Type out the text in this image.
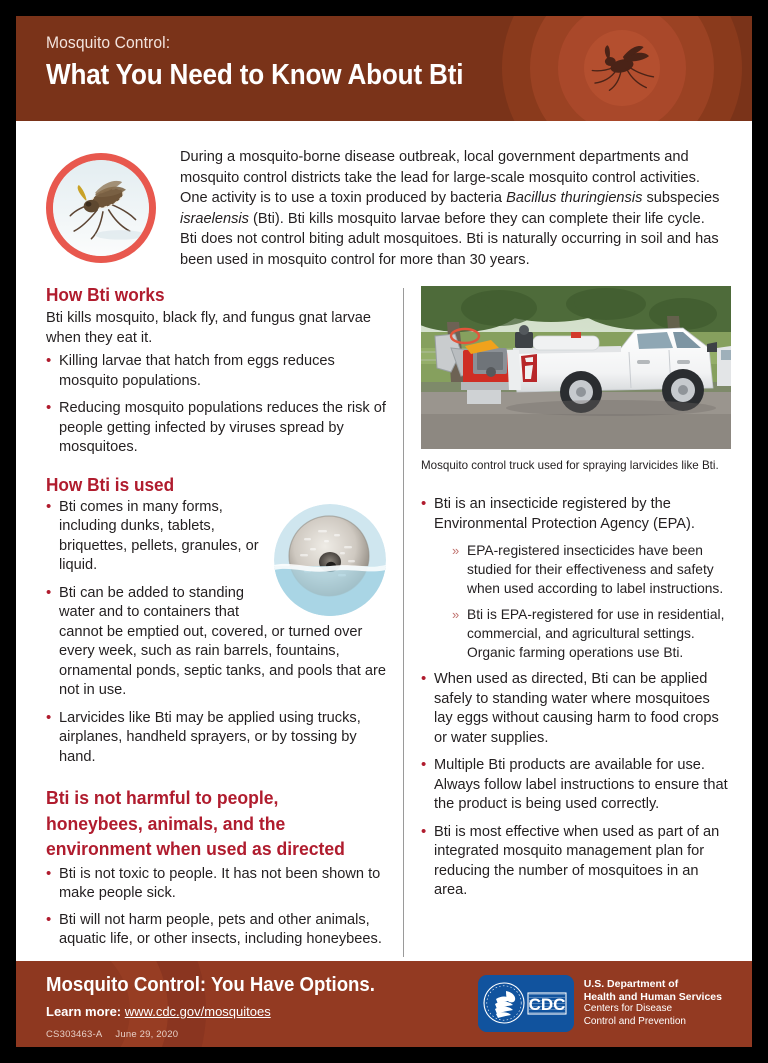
Mosquito Control:
What You Need to Know About Bti
During a mosquito-borne disease outbreak, local government departments and mosquito control districts take the lead for large-scale mosquito control activities. One activity is to use a toxin produced by bacteria Bacillus thuringiensis subspecies israelensis (Bti). Bti kills mosquito larvae before they can complete their life cycle. Bti does not control biting adult mosquitoes. Bti is naturally occurring in soil and has been used in mosquito control for more than 30 years.
How Bti works

Bti kills mosquito, black fly, and fungus gnat larvae when they eat it.

• Killing larvae that hatch from eggs reduces mosquito populations.
• Reducing mosquito populations reduces the risk of people getting infected by viruses spread by mosquitoes.
How Bti is used
• Bti comes in many forms, including dunks, tablets, briquettes, pellets, granules, or liquid.
• Bti can be added to standing water and to containers that cannot be emptied out, covered, or turned over every week, such as rain barrels, fountains, ornamental ponds, septic tanks, and pools that are not in use.
• Larvicides like Bti may be applied using trucks, airplanes, handheld sprayers, or by tossing by hand.
Bti is not harmful to people, honeybees, animals, and the environment when used as directed
• Bti is not toxic to people. It has not been shown to make people sick.
• Bti will not harm people, pets and other animals, aquatic life, or other insects, including honeybees.
Mosquito control truck used for spraying larvicides like Bti.
• Bti is an insecticide registered by the Environmental Protection Agency (EPA).
» EPA-registered insecticides have been studied for their effectiveness and safety when used according to label instructions.
» Bti is EPA-registered for use in residential, commercial, and agricultural settings. Organic farming operations use Bti.
• When used as directed, Bti can be applied safely to standing water where mosquitoes lay eggs without causing harm to food crops or water supplies.
• Multiple Bti products are available for use. Always follow label instructions to ensure that the product is being used correctly.
• Bti is most effective when used as part of an integrated mosquito management plan for reducing the number of mosquitoes in an area.
Mosquito Control: You Have Options.
Learn more: www.cdc.gov/mosquitoes
CS303463-A June 29, 2020
CDC
U.S. Department of
Health and Human Services
Centers for Disease
Control and Prevention
